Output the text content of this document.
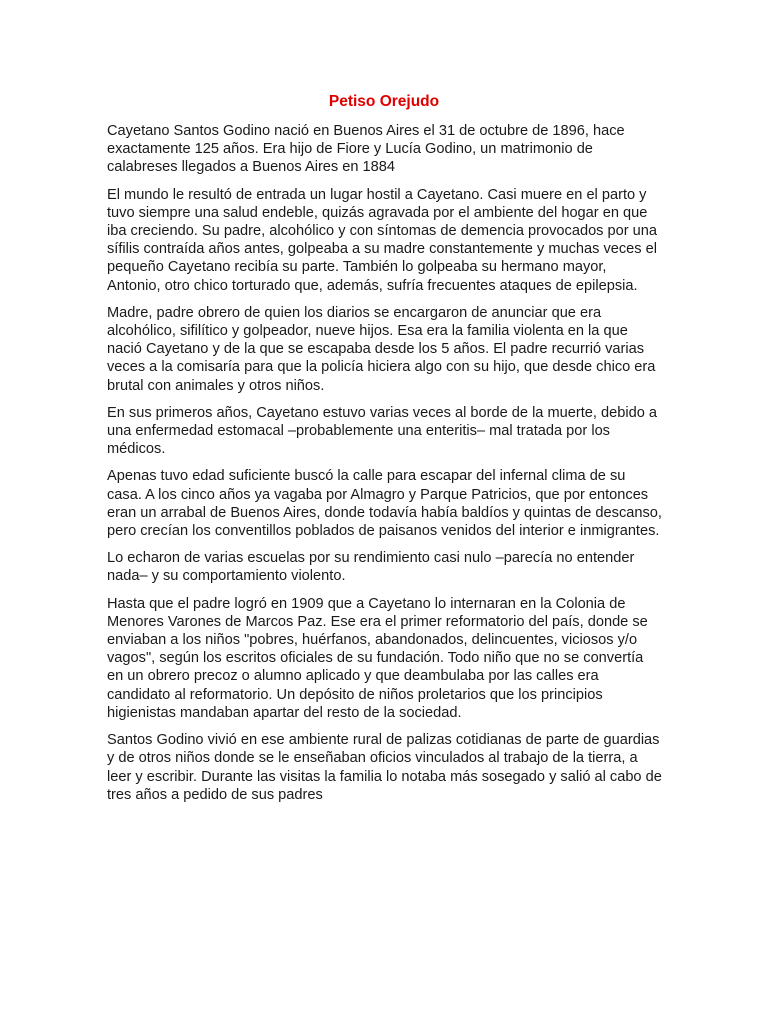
Petiso Orejudo

Cayetano Santos Godino nació en Buenos Aires el 31 de octubre de 1896, hace exactamente 125 años. Era hijo de Fiore y Lucía Godino, un matrimonio de calabreses llegados a Buenos Aires en 1884

El mundo le resultó de entrada un lugar hostil a Cayetano. Casi muere en el parto y tuvo siempre una salud endeble, quizás agravada por el ambiente del hogar en que iba creciendo. Su padre, alcohólico y con síntomas de demencia provocados por una sífilis contraída años antes, golpeaba a su madre constantemente y muchas veces el pequeño Cayetano recibía su parte. También lo golpeaba su hermano mayor, Antonio, otro chico torturado que, además, sufría frecuentes ataques de epilepsia.

Madre, padre obrero de quien los diarios se encargaron de anunciar que era alcohólico, sifilítico y golpeador, nueve hijos. Esa era la familia violenta en la que nació Cayetano y de la que se escapaba desde los 5 años. El padre recurrió varias veces a la comisaría para que la policía hiciera algo con su hijo, que desde chico era brutal con animales y otros niños.

En sus primeros años, Cayetano estuvo varias veces al borde de la muerte, debido a una enfermedad estomacal –probablemente una enteritis– mal tratada por los médicos.

Apenas tuvo edad suficiente buscó la calle para escapar del infernal clima de su casa. A los cinco años ya vagaba por Almagro y Parque Patricios, que por entonces eran un arrabal de Buenos Aires, donde todavía había baldíos y quintas de descanso, pero crecían los conventillos poblados de paisanos venidos del interior e inmigrantes.

Lo echaron de varias escuelas por su rendimiento casi nulo –parecía no entender nada– y su comportamiento violento.

Hasta que el padre logró en 1909 que a Cayetano lo internaran en la Colonia de Menores Varones de Marcos Paz. Ese era el primer reformatorio del país, donde se enviaban a los niños "pobres, huérfanos, abandonados, delincuentes, viciosos y/o vagos", según los escritos oficiales de su fundación. Todo niño que no se convertía en un obrero precoz o alumno aplicado y que deambulaba por las calles era candidato al reformatorio. Un depósito de niños proletarios que los principios higienistas mandaban apartar del resto de la sociedad.

Santos Godino vivió en ese ambiente rural de palizas cotidianas de parte de guardias y de otros niños donde se le enseñaban oficios vinculados al trabajo de la tierra, a leer y escribir. Durante las visitas la familia lo notaba más sosegado y salió al cabo de tres años a pedido de sus padres
